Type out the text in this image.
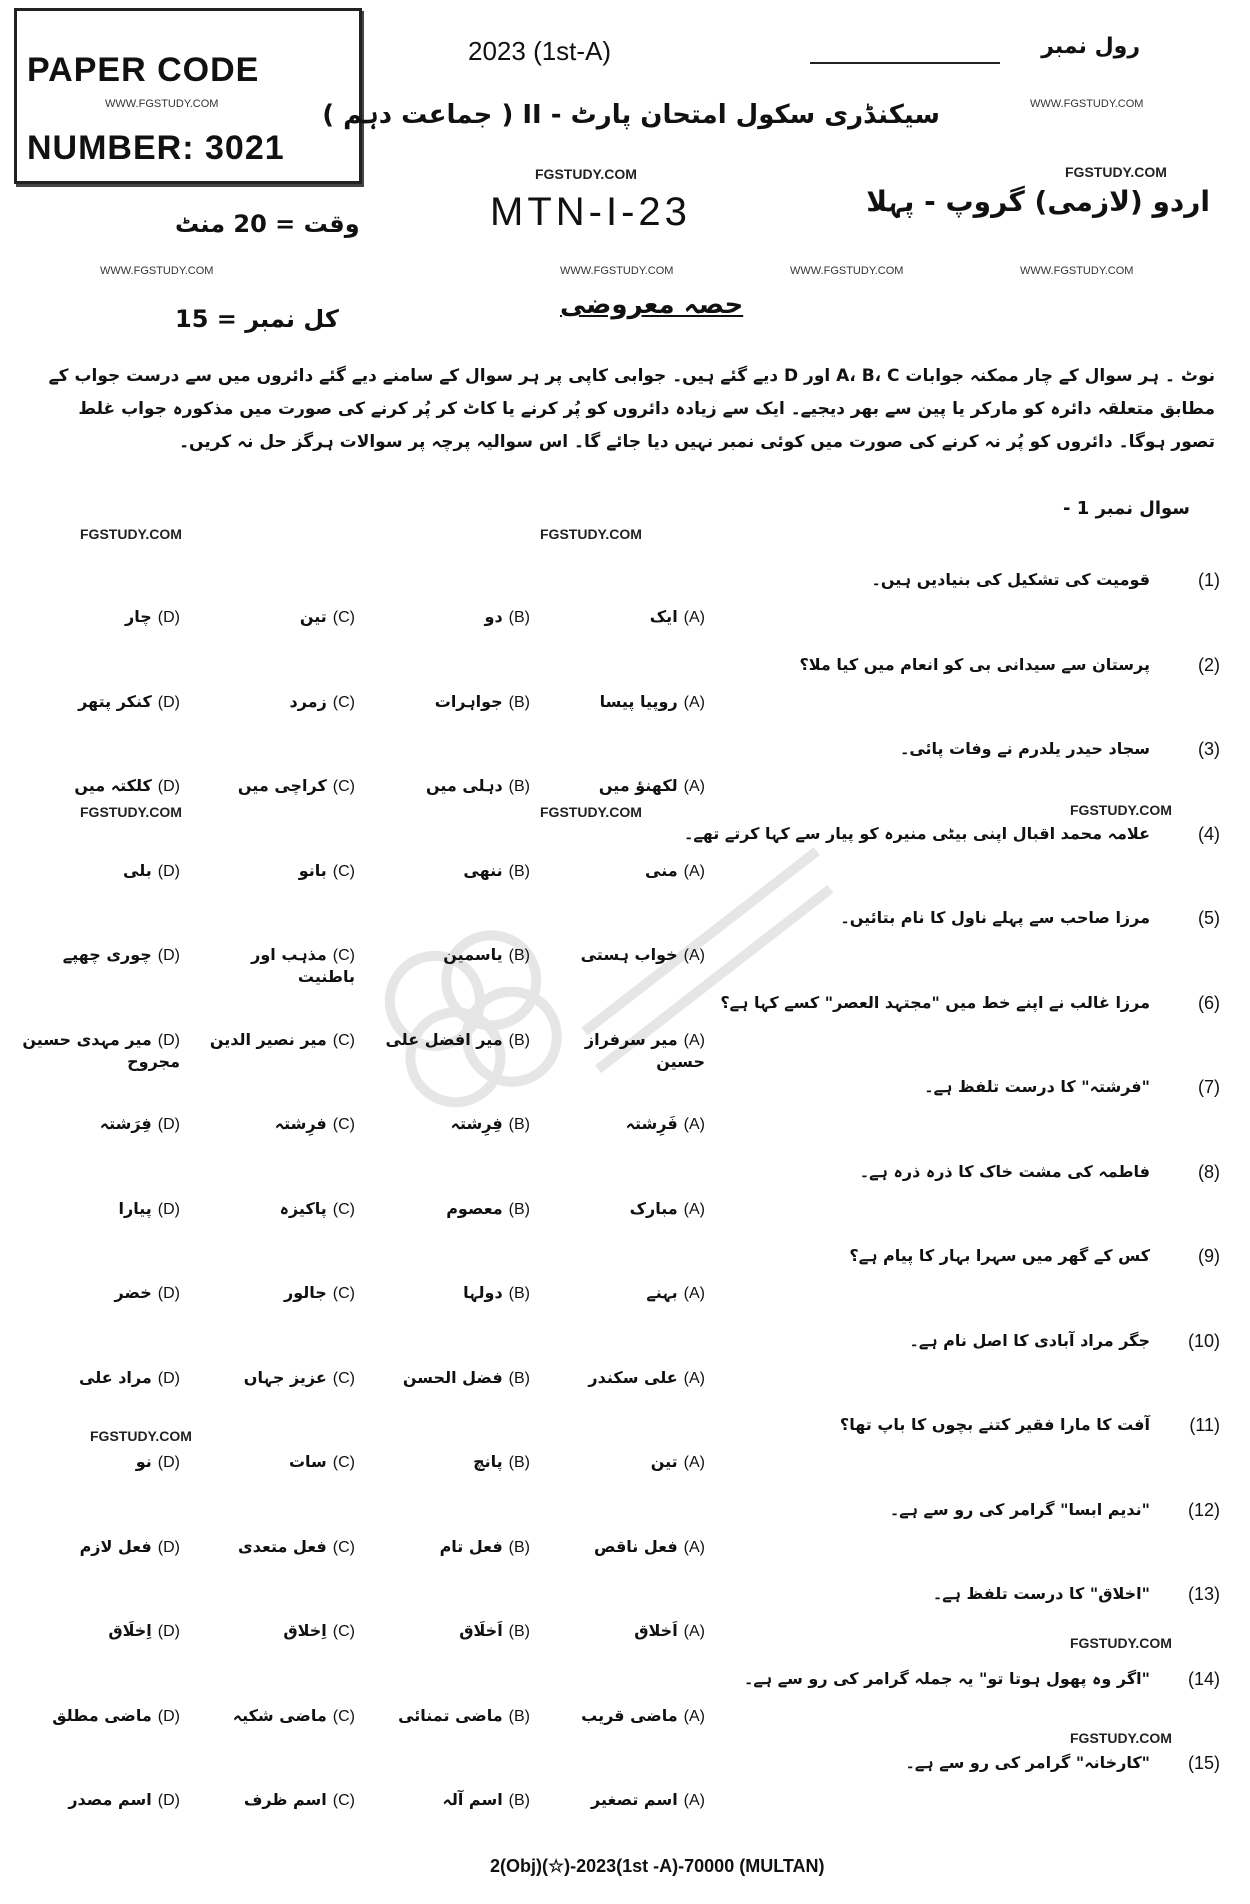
PAPER CODE
NUMBER: 3021
2023 (1st-A)	رول نمبر
سیکنڈری سکول امتحان پارٹ - II ( جماعت دہم )
MTN-I-23	اردو (لازمی) گروپ - پہلا
وقت = 20 منٹ
حصہ معروضی
کل نمبر = 15
نوٹ ۔ ہر سوال کے چار ممکنہ جوابات A، B، C اور D دیے گئے ہیں۔ جوابی کاپی پر ہر سوال کے سامنے دیے گئے دائروں میں سے درست جواب کے مطابق متعلقہ دائرہ کو مارکر یا پین سے بھر دیجیے۔ ایک سے زیادہ دائروں کو پُر کرنے یا کاٹ کر پُر کرنے کی صورت میں مذکورہ جواب غلط تصور ہوگا۔ دائروں کو پُر نہ کرنے کی صورت میں کوئی نمبر نہیں دیا جائے گا۔ اس سوالیہ پرچہ پر سوالات ہرگز حل نہ کریں۔
سوال نمبر 1 -
WWW.FGSTUDY.COM	WWW.FGSTUDY.COM
FGSTUDY.COM	FGSTUDY.COM
WWW.FGSTUDY.COM	WWW.FGSTUDY.COM	WWW.FGSTUDY.COM	WWW.FGSTUDY.COM
FGSTUDY.COM	FGSTUDY.COM
FGSTUDY.COM	FGSTUDY.COM	FGSTUDY.COM
FGSTUDY.COM
FGSTUDY.COM
FGSTUDY.COM
(1)
قومیت کی تشکیل کی بنیادیں ہیں۔
(A)ایک
(B)دو
(C)تین
(D)چار
(2)
پرستان سے سیدانی بی کو انعام میں کیا ملا؟
(A)روپیا پیسا
(B)جواہرات
(C)زمرد
(D)کنکر پتھر
(3)
سجاد حیدر یلدرم نے وفات پائی۔
(A)لکھنؤ میں
(B)دہلی میں
(C)کراچی میں
(D)کلکتہ میں
(4)
علامہ محمد اقبال اپنی بیٹی منیرہ کو پیار سے کہا کرتے تھے۔
(A)منی
(B)ننھی
(C)بانو
(D)بلی
(5)
مرزا صاحب سے پہلے ناول کا نام بتائیں۔
(A)خواب ہستی
(B)یاسمین
(C)مذہب اور باطنیت
(D)چوری چھپے
(6)
مرزا غالب نے اپنے خط میں "مجتہد العصر" کسے کہا ہے؟
(A)میر سرفراز حسین
(B)میر افضل علی
(C)میر نصیر الدین
(D)میر مہدی حسین مجروح
(7)
"فرشتہ" کا درست تلفظ ہے۔
(A)فَرِشتہ
(B)فِرِشتہ
(C)فرِشتہ
(D)فِرَشتہ
(8)
فاطمہ کی مشت خاک کا ذرہ ذرہ ہے۔
(A)مبارک
(B)معصوم
(C)پاکیزہ
(D)پیارا
(9)
کس کے گھر میں سہرا بہار کا پیام ہے؟
(A)بہنے
(B)دولہا
(C)جالور
(D)خضر
(10)
جگر مراد آبادی کا اصل نام ہے۔
(A)علی سکندر
(B)فضل الحسن
(C)عزیز جہاں
(D)مراد علی
(11)
آفت کا مارا فقیر کتنے بچوں کا باپ تھا؟
(A)تین
(B)پانچ
(C)سات
(D)نو
(12)
"ندیم ابسا" گرامر کی رو سے ہے۔
(A)فعل ناقص
(B)فعل تام
(C)فعل متعدی
(D)فعل لازم
(13)
"اخلاق" کا درست تلفظ ہے۔
(A)اَخلاق
(B)اَخلَاق
(C)اِخلاق
(D)اِخلَاق
(14)
"اگر وہ پھول ہوتا تو" یہ جملہ گرامر کی رو سے ہے۔
(A)ماضی قریب
(B)ماضی تمنائی
(C)ماضی شکیہ
(D)ماضی مطلق
(15)
"کارخانہ" گرامر کی رو سے ہے۔
(A)اسم تصغیر
(B)اسم آلہ
(C)اسم ظرف
(D)اسم مصدر
2(Obj)(☆)-2023(1st -A)-70000 (MULTAN)
